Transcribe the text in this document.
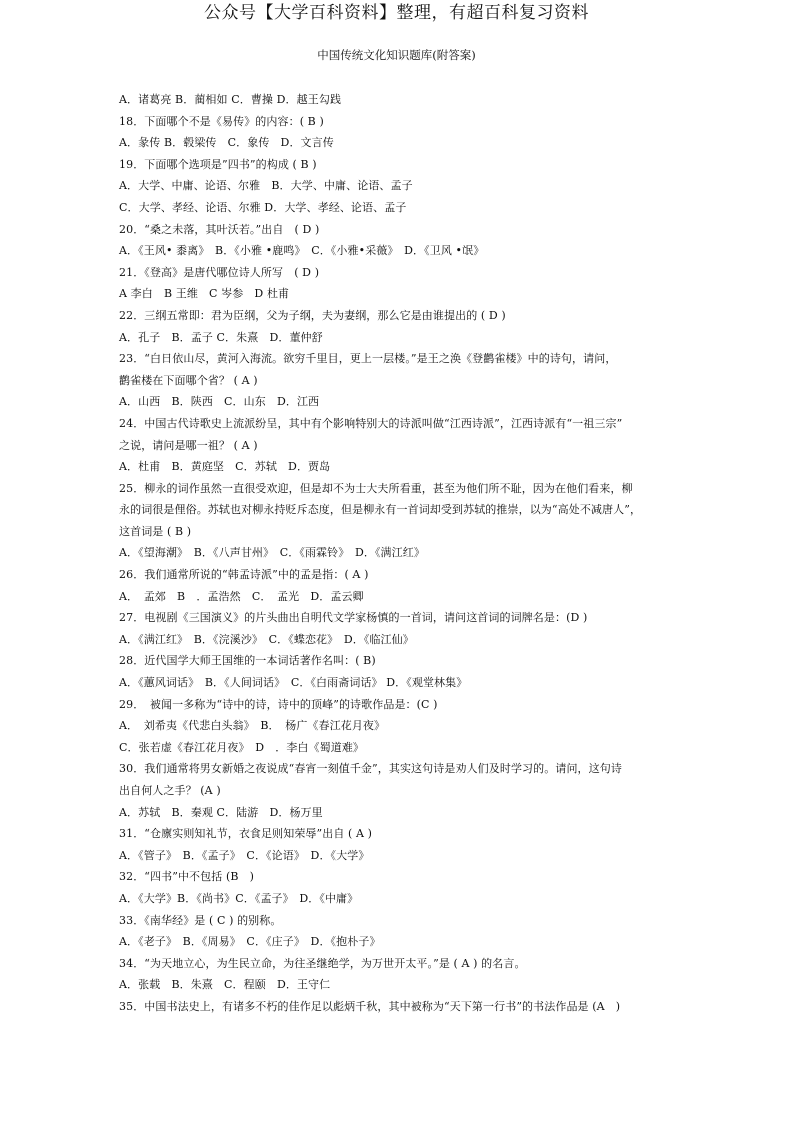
公众号【大学百科资料】整理，有超百科复习资料
中国传统文化知识题库(附答案)
A．诸葛亮 B．蔺相如 C．曹操 D．越王勾践
18．下面哪个不是《易传》的内容：( B )
A．彖传 B．毂梁传　C．象传　D．文言传
19．下面哪个选项是”四书”的构成 ( B )
A．大学、中庸、论语、尔雅　B．大学、中庸、论语、孟子
C．大学、孝经、论语、尔雅 D．大学、孝经、论语、孟子
20．“桑之未落，其叶沃若。”出自　( D )
A．《王风• 黍离》　B．《小雅 •鹿鸣》　C．《小雅•采薇》　D．《卫风 •氓》
21．《登高》是唐代哪位诗人所写　( D )
A 李白　B 王维　C 岑参　D 杜甫
22．三纲五常即：君为臣纲，父为子纲，夫为妻纲，那么它是由谁提出的 ( D )
A．孔子　B．孟子 C．朱熹　D．董仲舒
23．“白日依山尽，黄河入海流。欲穷千里目，更上一层楼。”是王之涣《登鹳雀楼》中的诗句，请问，
鹳雀楼在下面哪个省？ ( A )
A．山西　B．陕西　C．山东　D．江西
24．中国古代诗歌史上流派纷呈，其中有个影响特别大的诗派叫做“江西诗派”，江西诗派有“一祖三宗”
之说，请问是哪一祖？ ( A )
A．杜甫　B．黄庭坚　C．苏轼　D．贾岛
25．柳永的词作虽然一直很受欢迎，但是却不为士大夫所看重，甚至为他们所不耻，因为在他们看来，柳
永的词很是俚俗。苏轼也对柳永持贬斥态度，但是柳永有一首词却受到苏轼的推崇，以为“高处不减唐人”，
这首词是 ( B )
A．《望海潮》　B．《八声甘州》　C．《雨霖铃》　D．《满江红》
26．我们通常所说的“韩孟诗派”中的孟是指：( A )
A．　孟郊　B　．孟浩然　C．　孟光　D．孟云卿
27．电视剧《三国演义》的片头曲出自明代文学家杨慎的一首词，请问这首词的词牌名是：(D )
A．《满江红》　B．《浣溪沙》　C．《蝶恋花》　D．《临江仙》
28．近代国学大师王国维的一本词话著作名叫：( B)
A．《蕙风词话》　B．《人间词话》　C．《白雨斋词话》 D．《观堂林集》
29．　被闻一多称为“诗中的诗，诗中的顶峰”的诗歌作品是：(C )
A．　刘希夷《代悲白头翁》　B．　杨广《春江花月夜》
C．张若虚《春江花月夜》　D　．李白《蜀道难》
30．我们通常将男女新婚之夜说成“春宵一刻值千金”，其实这句诗是劝人们及时学习的。请问，这句诗
出自何人之手？ (A )
A．苏轼　B．秦观 C．陆游　D．杨万里
31．“仓廪实则知礼节，衣食足则知荣辱”出自 ( A )
A．《管子》　B．《孟子》　C．《论语》　D．《大学》
32．“四书”中不包括 (B　)
A．《大学》B．《尚书》C．《孟子》　D．《中庸》
33．《南华经》是 ( C ) 的别称。
A．《老子》　B．《周易》　C．《庄子》　D．《抱朴子》
34．“为天地立心，为生民立命，为往圣继绝学，为万世开太平。”是 ( A ) 的名言。
A．张载　B．朱熹　C．程颐　D．王守仁
35．中国书法史上，有诸多不朽的佳作足以彪炳千秋，其中被称为“天下第一行书”的书法作品是 (A　)
